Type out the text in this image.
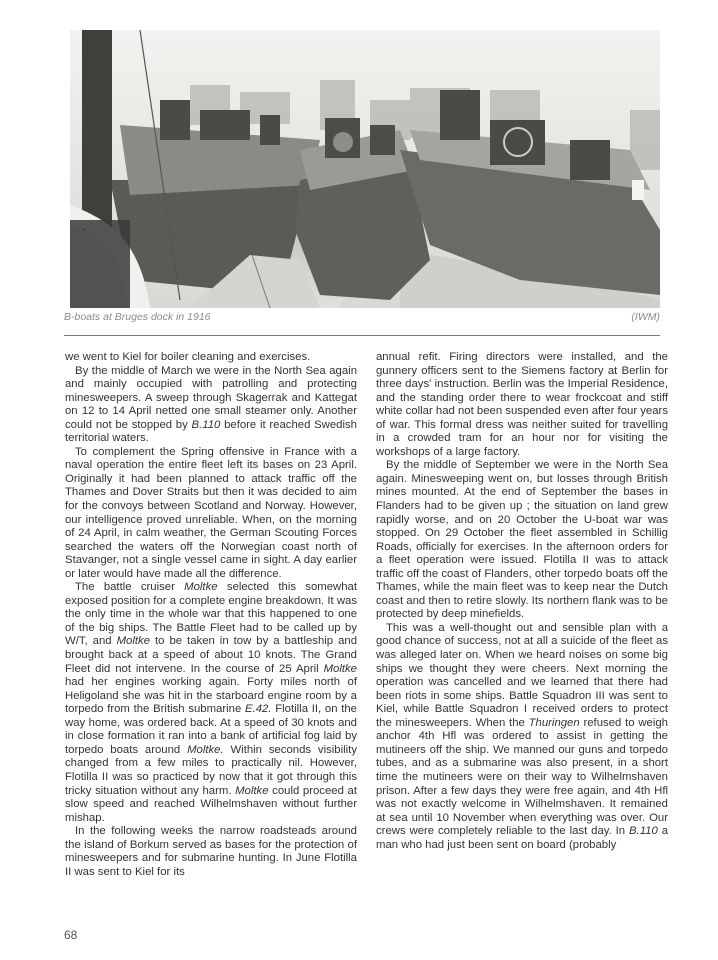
B-boats at Bruges dock in 1916	(IWM)

we went to Kiel for boiler cleaning and exercises.

By the middle of March we were in the North Sea again and mainly occupied with patrolling and protecting minesweepers. A sweep through Skagerrak and Kattegat on 12 to 14 April netted one small steamer only. Another could not be stopped by B.110 before it reached Swedish territorial waters.

To complement the Spring offensive in France with a naval operation the entire fleet left its bases on 23 April. Originally it had been planned to attack traffic off the Thames and Dover Straits but then it was decided to aim for the convoys between Scotland and Norway. However, our intelligence proved unreliable. When, on the morning of 24 April, in calm weather, the German Scouting Forces searched the waters off the Norwegian coast north of Stavanger, not a single vessel came in sight. A day earlier or later would have made all the difference.

The battle cruiser Moltke selected this somewhat exposed position for a complete engine breakdown. It was the only time in the whole war that this happened to one of the big ships. The Battle Fleet had to be called up by W/T, and Moltke to be taken in tow by a battleship and brought back at a speed of about 10 knots. The Grand Fleet did not intervene. In the course of 25 April Moltke had her engines working again. Forty miles north of Heligoland she was hit in the starboard engine room by a torpedo from the British submarine E.42. Flotilla II, on the way home, was ordered back. At a speed of 30 knots and in close formation it ran into a bank of artificial fog laid by torpedo boats around Moltke. Within seconds visibility changed from a few miles to practically nil. However, Flotilla II was so practiced by now that it got through this tricky situation without any harm. Moltke could proceed at slow speed and reached Wilhelmshaven without further mishap.

In the following weeks the narrow roadsteads around the island of Borkum served as bases for the protection of minesweepers and for submarine hunting. In June Flotilla II was sent to Kiel for its

annual refit. Firing directors were installed, and the gunnery officers sent to the Siemens factory at Berlin for three days' instruction. Berlin was the Imperial Residence, and the standing order there to wear frockcoat and stiff white collar had not been suspended even after four years of war. This formal dress was neither suited for travelling in a crowded tram for an hour nor for visiting the workshops of a large factory.

By the middle of September we were in the North Sea again. Minesweeping went on, but losses through British mines mounted. At the end of September the bases in Flanders had to be given up ; the situation on land grew rapidly worse, and on 20 October the U-boat war was stopped. On 29 October the fleet assembled in Schillig Roads, officially for exercises. In the afternoon orders for a fleet operation were issued. Flotilla II was to attack traffic off the coast of Flanders, other torpedo boats off the Thames, while the main fleet was to keep near the Dutch coast and then to retire slowly. Its northern flank was to be protected by deep minefields.

This was a well-thought out and sensible plan with a good chance of success, not at all a suicide of the fleet as was alleged later on. When we heard noises on some big ships we thought they were cheers. Next morning the operation was cancelled and we learned that there had been riots in some ships. Battle Squadron III was sent to Kiel, while Battle Squadron I received orders to protect the minesweepers. When the Thuringen refused to weigh anchor 4th Hfl was ordered to assist in getting the mutineers off the ship. We manned our guns and torpedo tubes, and as a submarine was also present, in a short time the mutineers were on their way to Wilhelmshaven prison. After a few days they were free again, and 4th Hfl was not exactly welcome in Wilhelmshaven. It remained at sea until 10 November when everything was over. Our crews were completely reliable to the last day. In B.110 a man who had just been sent on board (probably

68
